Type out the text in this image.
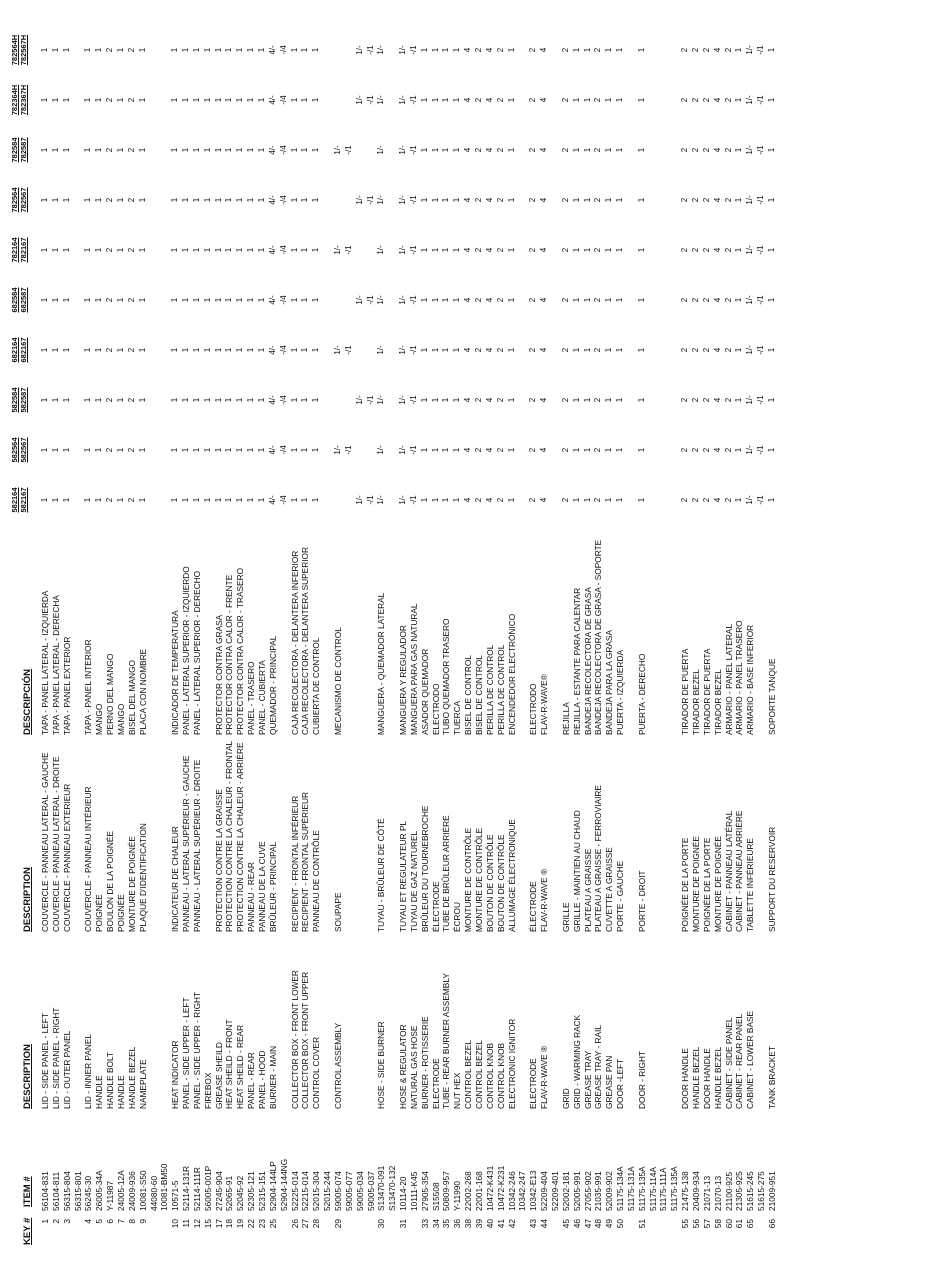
KEY #
ITEM #
DESCRIPTION
DESCRIPTION
DESCRIPCIÓN
582164 582167
582564 582567
582584 582587
682164 682167
682584 682587
782164 782167
782564 782567
782584 782587
782364H 782367H
782564H 782567H
1
56104-831
LID - SIDE PANEL - LEFT
COUVERCLE - PANNEAU LATERAL - GAUCHE
TAPA - PANEL LATERAL - IZQUIERDA
1
1
1
1
1
1
1
1
1
1
2
56104-811
LID - SIDE PANEL - RIGHT
COUVERCLE - PANNEAU LATERAL - DROITE
TAPA - PANEL LATERAL - DERECHA
1
1
1
1
1
1
1
1
1
1
3
56315-804
LID - OUTER PANEL
COUVERCLE - PANNEAU EXTERIEUR
TAPA - PANEL EXTERIOR
1
1
1
1
1
1
1
1
1
1
56315-801
4
56245-30
LID - INNER PANEL
COUVERCLE - PANNEAU INTÉRIEUR
TAPA - PANEL INTERIOR
1
1
1
1
1
1
1
1
1
1
5
26005-34A
HANDLE
POIGNÉE
MANGO
1
1
1
1
1
1
1
1
1
1
6
Y-11987
HANDLE BOLT
BOULON DE LA POIGNÉE
PERNO DEL MANGO
2
2
2
2
2
2
2
2
2
2
7
24005-12A
HANDLE
POIGNÉE
MANGO
1
1
1
1
1
1
1
1
1
1
8
24009-936
HANDLE BEZEL
MONTURE DE POIGNÉE
BISEL DEL MANGO
2
2
2
2
2
2
2
2
2
2
9
10081-S50
NAMEPLATE
PLAQUE D'IDENTIFICATION
PLACA CON NOMBRE
1
1
1
1
1
1
1
1
1
1
44080-60 10081-BM50
10
10571-5
HEAT INDICATOR
INDICATEUR DE CHALEUR
INDICADOR DE TEMPERATURA
1
1
1
1
1
1
1
1
1
1
11
52114-131R
PANEL - SIDE UPPER - LEFT
PANNEAU - LATERAL SUPÉRIEUR - GAUCHE
PANEL - LATERAL SUPERIOR - IZQUIERDO
1
1
1
1
1
1
1
1
1
1
12
52114-111R
PANEL - SIDE UPPER - RIGHT
PANNEAU - LATERAL SUPÉRIEUR - DROITE
PANEL - LATERAL SUPERIOR - DERECHO
1
1
1
1
1
1
1
1
1
1
15
56005-001P
FIREBOX
1
1
1
1
1
1
1
1
1
1
17
27245-904
GREASE SHEILD
PROTECTION CONTRE LA GRAISSE
PROTECTOR CONTRA GRASA
1
1
1
1
1
1
1
1
1
1
18
52065-91
HEAT SHEILD - FRONT
PROTECTION CONTRE LA CHALEUR - FRONTAL
PROTECTOR CONTRA CALOR - FRENTE
1
1
1
1
1
1
1
1
1
1
19
52045-92
HEAT SHEILD - REAR
PROTECTION CONTRE LA CHALEUR - ARRIÈRE
PROTECTOR CONTRA CALOR - TRASERO
1
1
1
1
1
1
1
1
1
1
22
52305-121
PANEL - REAR
PANNEAU - REAR
PANEL - TRASERO
1
1
1
1
1
1
1
1
1
1
23
52315-151
PANEL - HOOD
PANNEAU DE LA CUVE
PANEL - CUBIERTA
1
1
1
1
1
1
1
1
1
1
25
52904-144LP
BURNER - MAIN
BRÛLEUR - PRINCIPAL
QUEMADOR - PRINCIPAL
4/-
4/-
4/-
4/-
4/-
4/-
4/-
4/-
4/-
4/-
52904-144NG
-/4
-/4
-/4
-/4
-/4
-/4
-/4
-/4
-/4
-/4
26
52225-014
COLLECTOR BOX - FRONT LOWER
RECIPIENT - FRONTAL INFÉRIEUR
CAJA RECOLECTORA - DELANTERA INFERIOR
1
1
1
1
1
1
1
1
1
1
27
52215-014
COLLECTOR BOX - FRONT UPPER
RECIPIENT - FRONTAL SUPÉRIEUR
CAJA RECOLECTORA - DELANTERA SUPERIOR
1
1
1
1
1
1
1
1
1
1
28
52015-304
CONTROL COVER
PANNEAU DE CONTRÔLE
CUBIERTA DE CONTROL
1
1
1
1
1
1
1
1
1
1
52015-244
29
59005-074
CONTROL ASSEMBLY
SOUPAPE
MECANISMO DE CONTROL
1/-
1/-
1/-
1/-
59005-077
-/1
-/1
-/1
-/1
59005-034
1/-
1/-
1/-
1/-
1/-
1/-
59005-037
-/1
-/1
-/1
-/1
-/1
-/1
30
S13470-091
HOSE - SIDE BURNER
TUYAU - BRÛLEUR DE CÔTÉ
MANGUERA - QUEMADOR LATERAL
1/-
1/-
1/-
1/-
1/-
1/-
1/-
1/-
1/-
1/-
S13470-132
31
10114-20
HOSE & REGULATOR
TUYAU ET REGULATEUR PL
MANGUERA Y REGULADOR
1/-
1/-
1/-
1/-
1/-
1/-
1/-
1/-
1/-
1/-
10111-K45
NATURAL GAS HOSE
TUYAU DE GAZ NATUREL
MANGUERA PARA GAS NATURAL
-/1
-/1
-/1
-/1
-/1
-/1
-/1
-/1
-/1
-/1
33
27905-354
BURNER - ROTISSERIE
BRÛLEUR DU TOURNEBROCHE
ASADOR QUEMADOR
1
1
1
1
1
1
1
1
1
1
34
S15508
ELECTRODE
ÉLECTRODE
ELECTRODO
1
1
1
1
1
1
1
1
1
1
35
50809-957
TUBE - REAR BURNER ASSEMBLY
TUBE DE BRÛLEUR ARRIÈRE
TUBO QUEMADOR TRASERO
1
1
1
1
1
1
1
1
1
1
36
Y-11990
NUT HEX
ÉCROU
TUERCA
1
1
1
1
1
1
1
1
1
1
38
22002-268
CONTROL BEZEL
MONTURE DE CONTRÔLE
BISEL DE CONTROL
4
4
4
4
4
4
4
4
4
4
39
22001-168
CONTROL BEZEL
MONTURE DE CONTRÔLE
BISEL DE CONTROL
2
2
2
2
2
2
2
2
2
2
40
10472-K431
CONTROL KNOB
BOUTON DE CONTRÔLE
PERILLA DE CONTROL
4
4
4
4
4
4
4
4
4
4
41
10472-K231
CONTROL KNOB
BOUTON DE CONTRÔLE
PERILLA DE CONTROL
2
2
2
2
2
2
2
2
2
2
42
10342-246
ELECTRONIC IGNITOR
ALLUMAGE ÉLECTRONIQUE
ENCENDEDOR ELECTRÓNICO
1
1
1
1
1
1
1
1
1
1
10342-247
43
10342-E13
ELECTRODE
ÉLECTRODE
ELECTRODO
2
2
2
2
2
2
2
2
2
2
44
52209-404
FLAV-R-WAVE ®
FLAV-R-WAVE ®
FLAV-R-WAVE®
4
4
4
4
4
4
4
4
4
4
52209-401
45
52002-181
GRID
GRILLE
REJILLA
2
2
2
2
2
2
2
2
2
2
46
52005-991
GRID - WARMING RACK
GRILLE - MAINTIEN AU CHAUD
REJILLA - ESTANTE PARA CALENTAR
1
1
1
1
1
1
1
1
1
1
47
27055-902
GREASE TRAY
PLATEAU A GRAISSE
BANDEJA RECOLECTORA DE GRASA
1
1
1
1
1
1
1
1
1
1
48
21035-991
GREASE TRAY - RAIL
PLATEAU A GRAISSE - FERROVIAIRE
BANDEJA RECOLECTORA DE GRASA - SOPORTE
2
2
2
2
2
2
2
2
2
2
49
52009-902
GREASE PAN
CUVETTE A GRAISSE
BANDEJA PARA LA GRASA
1
1
1
1
1
1
1
1
1
1
50
51175-134A
DOOR -LEFT
PORTE - GAUCHE
PUERTA - IZQUIERDA
1
1
1
1
1
1
1
1
1
1
51175-131A
51
51175-135A
DOOR - RIGHT
PORTE - DROIT
PUERTA - DERECHO
1
1
1
1
1
1
1
1
1
1
51175-114A 51175-111A 51175-135A
55
21475-138
DOOR HANDLE
POIGNÉE DE LA PORTE
TIRADOR DE PUERTA
2
2
2
2
2
2
2
2
2
2
56
20409-934
HANDLE BEZEL
MONTURE DE POIGNÉE
TIRADOR BEZEL
2
2
2
2
2
2
2
2
2
2
57
21071-13
DOOR HANDLE
POIGNÉE DE LA PORTE
TIRADOR DE PUERTA
2
2
2
2
2
2
2
2
2
2
58
21070-13
HANDLE BEZEL
MONTURE DE POIGNÉE
TIRADOR BEZEL
4
4
4
4
4
4
4
4
4
4
60
21100-925
CABINET - SIDE PANEL
CABINET - PANNEAU LATÉRAL
ARMARIO - PANEL LATERAL
2
2
2
2
2
2
2
2
2
2
61
21305-925
CABINET - REAR PANEL
CABINET - PANNEAU ARRIÈRE
ARMARIO - PANEL TRASERO
1
1
1
1
1
1
1
1
1
1
65
51615-245
CABINET - LOWER BASE
TABLETTE INFÉRIEURE
ARMARIO - BASE INFERIOR
1/-
1/-
1/-
1/-
1/-
1/-
1/-
1/-
1/-
1/-
51615-275
-/1
-/1
-/1
-/1
-/1
-/1
-/1
-/1
-/1
-/1
66
21009-951
TANK BRACKET
SUPPORT DU RESERVOIR
SOPORTE TANQUE
1
1
1
1
1
1
1
1
1
1
